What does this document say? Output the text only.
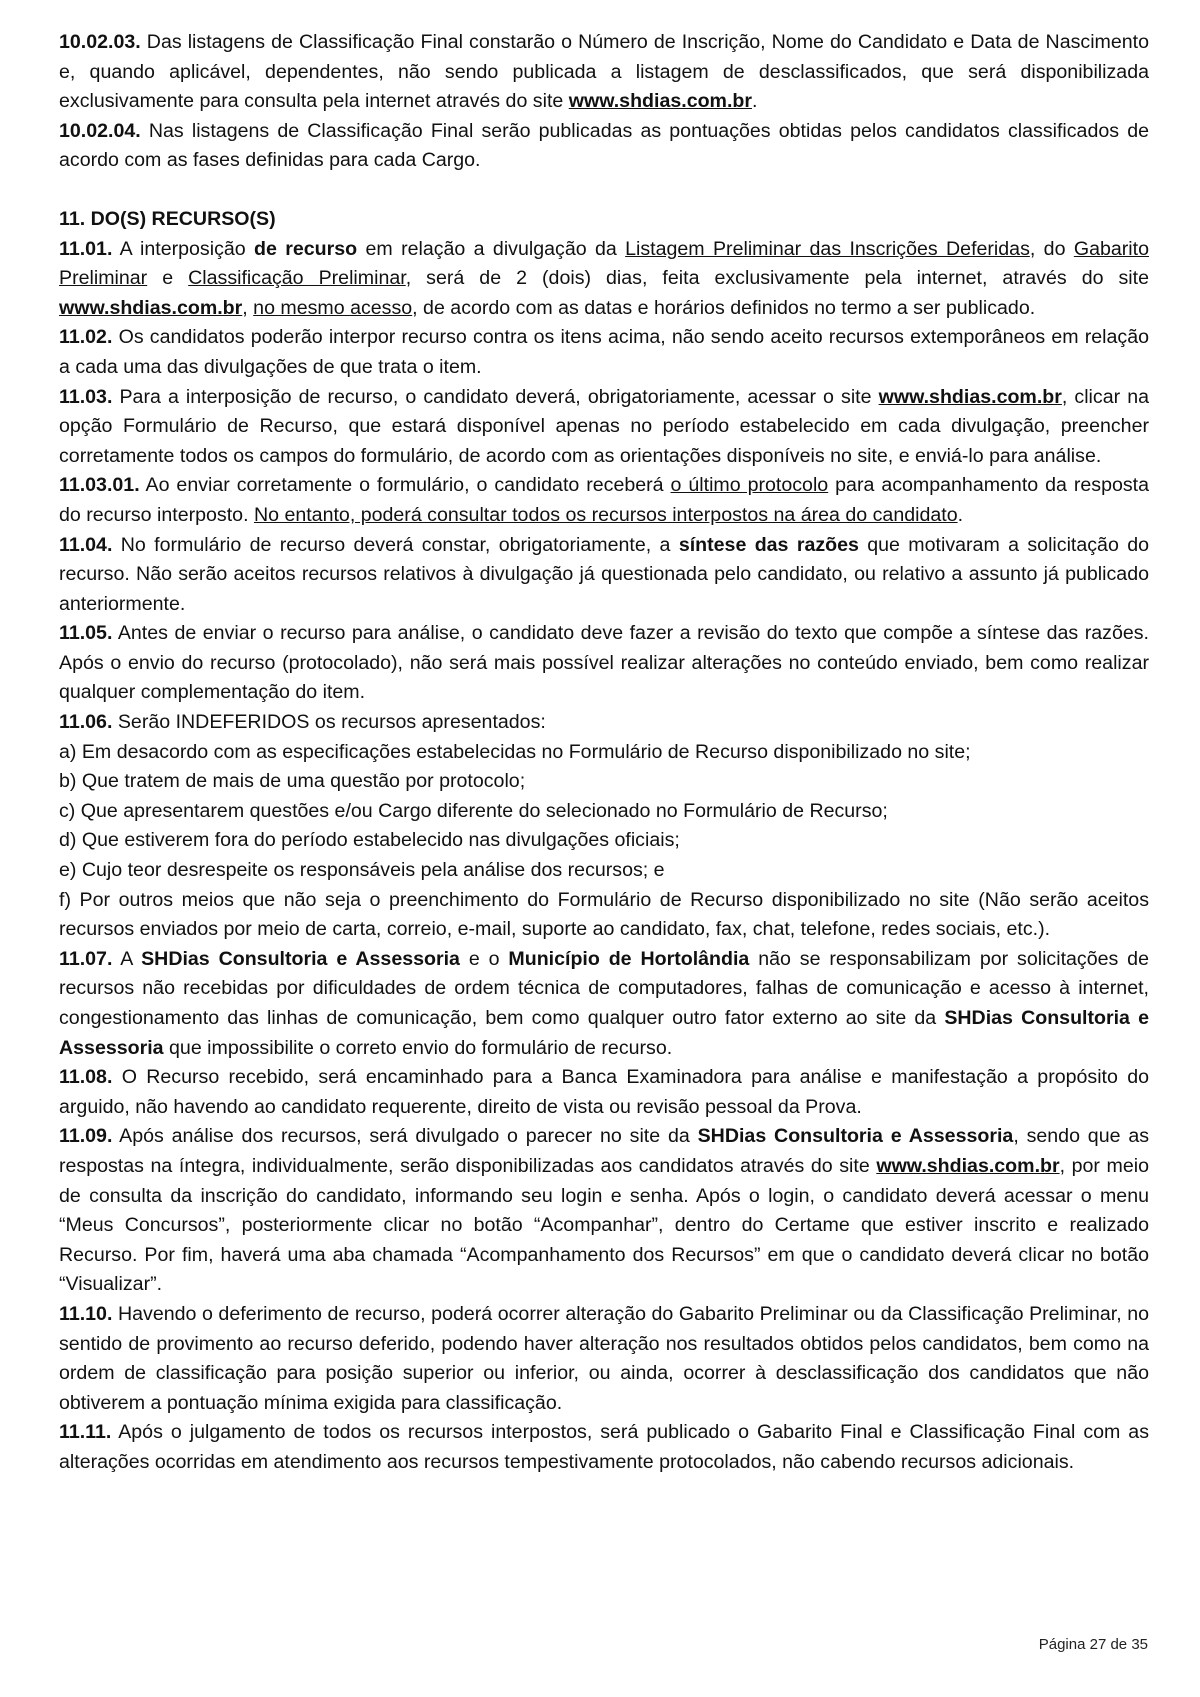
10.02.03. Das listagens de Classificação Final constarão o Número de Inscrição, Nome do Candidato e Data de Nascimento e, quando aplicável, dependentes, não sendo publicada a listagem de desclassificados, que será disponibilizada exclusivamente para consulta pela internet através do site www.shdias.com.br.

10.02.04. Nas listagens de Classificação Final serão publicadas as pontuações obtidas pelos candidatos classificados de acordo com as fases definidas para cada Cargo.

11. DO(S) RECURSO(S)

11.01. A interposição de recurso em relação a divulgação da Listagem Preliminar das Inscrições Deferidas, do Gabarito Preliminar e Classificação Preliminar, será de 2 (dois) dias, feita exclusivamente pela internet, através do site www.shdias.com.br, no mesmo acesso, de acordo com as datas e horários definidos no termo a ser publicado.

11.02. Os candidatos poderão interpor recurso contra os itens acima, não sendo aceito recursos extemporâneos em relação a cada uma das divulgações de que trata o item.

11.03. Para a interposição de recurso, o candidato deverá, obrigatoriamente, acessar o site www.shdias.com.br, clicar na opção Formulário de Recurso, que estará disponível apenas no período estabelecido em cada divulgação, preencher corretamente todos os campos do formulário, de acordo com as orientações disponíveis no site, e enviá-lo para análise.

11.03.01. Ao enviar corretamente o formulário, o candidato receberá o último protocolo para acompanhamento da resposta do recurso interposto. No entanto, poderá consultar todos os recursos interpostos na área do candidato.

11.04. No formulário de recurso deverá constar, obrigatoriamente, a síntese das razões que motivaram a solicitação do recurso. Não serão aceitos recursos relativos à divulgação já questionada pelo candidato, ou relativo a assunto já publicado anteriormente.

11.05. Antes de enviar o recurso para análise, o candidato deve fazer a revisão do texto que compõe a síntese das razões. Após o envio do recurso (protocolado), não será mais possível realizar alterações no conteúdo enviado, bem como realizar qualquer complementação do item.

11.06. Serão INDEFERIDOS os recursos apresentados:

a) Em desacordo com as especificações estabelecidas no Formulário de Recurso disponibilizado no site;

b) Que tratem de mais de uma questão por protocolo;

c) Que apresentarem questões e/ou Cargo diferente do selecionado no Formulário de Recurso;

d) Que estiverem fora do período estabelecido nas divulgações oficiais;

e) Cujo teor desrespeite os responsáveis pela análise dos recursos; e

f) Por outros meios que não seja o preenchimento do Formulário de Recurso disponibilizado no site (Não serão aceitos recursos enviados por meio de carta, correio, e-mail, suporte ao candidato, fax, chat, telefone, redes sociais, etc.).

11.07. A SHDias Consultoria e Assessoria e o Município de Hortolândia não se responsabilizam por solicitações de recursos não recebidas por dificuldades de ordem técnica de computadores, falhas de comunicação e acesso à internet, congestionamento das linhas de comunicação, bem como qualquer outro fator externo ao site da SHDias Consultoria e Assessoria que impossibilite o correto envio do formulário de recurso.

11.08. O Recurso recebido, será encaminhado para a Banca Examinadora para análise e manifestação a propósito do arguido, não havendo ao candidato requerente, direito de vista ou revisão pessoal da Prova.

11.09. Após análise dos recursos, será divulgado o parecer no site da SHDias Consultoria e Assessoria, sendo que as respostas na íntegra, individualmente, serão disponibilizadas aos candidatos através do site www.shdias.com.br, por meio de consulta da inscrição do candidato, informando seu login e senha. Após o login, o candidato deverá acessar o menu “Meus Concursos”, posteriormente clicar no botão “Acompanhar”, dentro do Certame que estiver inscrito e realizado Recurso. Por fim, haverá uma aba chamada “Acompanhamento dos Recursos” em que o candidato deverá clicar no botão “Visualizar”.

11.10. Havendo o deferimento de recurso, poderá ocorrer alteração do Gabarito Preliminar ou da Classificação Preliminar, no sentido de provimento ao recurso deferido, podendo haver alteração nos resultados obtidos pelos candidatos, bem como na ordem de classificação para posição superior ou inferior, ou ainda, ocorrer à desclassificação dos candidatos que não obtiverem a pontuação mínima exigida para classificação.

11.11. Após o julgamento de todos os recursos interpostos, será publicado o Gabarito Final e Classificação Final com as alterações ocorridas em atendimento aos recursos tempestivamente protocolados, não cabendo recursos adicionais.

Página 27 de 35
